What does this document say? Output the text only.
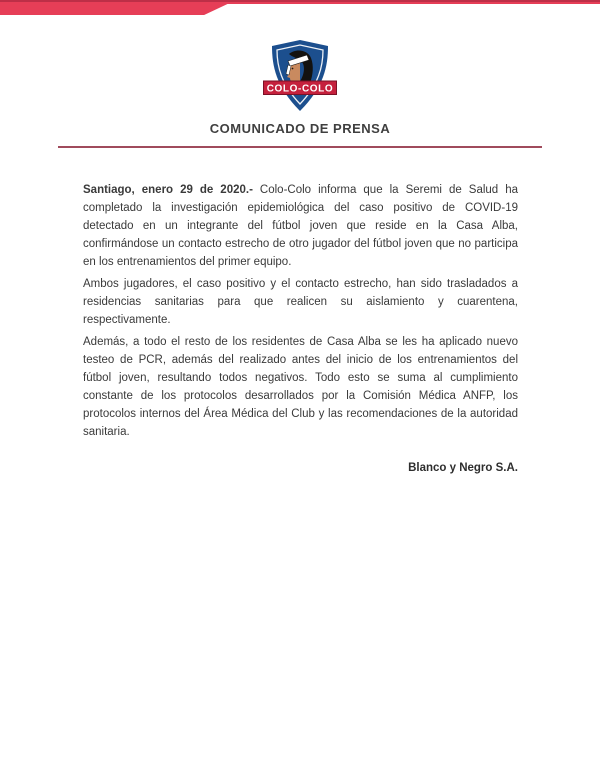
COLO-COLO
COMUNICADO DE PRENSA

Santiago, enero 29 de 2020.- Colo-Colo informa que la Seremi de Salud ha completado la investigación epidemiológica del caso positivo de COVID-19 detectado en un integrante del fútbol joven que reside en la Casa Alba, confirmándose un contacto estrecho de otro jugador del fútbol joven que no participa en los entrenamientos del primer equipo.

Ambos jugadores, el caso positivo y el contacto estrecho, han sido trasladados a residencias sanitarias para que realicen su aislamiento y cuarentena, respectivamente.

Además, a todo el resto de los residentes de Casa Alba se les ha aplicado nuevo testeo de PCR, además del realizado antes del inicio de los entrenamientos del fútbol joven, resultando todos negativos. Todo esto se suma al cumplimiento constante de los protocolos desarrollados por la Comisión Médica ANFP, los protocolos internos del Área Médica del Club y las recomendaciones de la autoridad sanitaria.

Blanco y Negro S.A.
